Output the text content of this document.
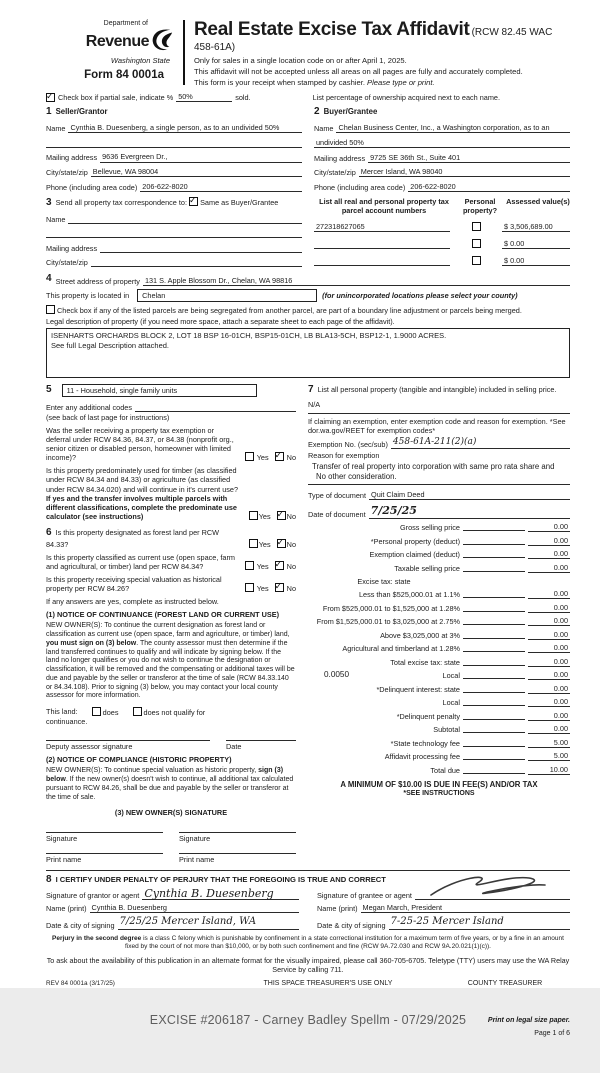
Department of
Revenue
Washington State
Form 84 0001a
Real Estate Excise Tax Affidavit (RCW 82.45 WAC 458-61A)
Only for sales in a single location code on or after April 1, 2025.
This affidavit will not be accepted unless all areas on all pages are fully and accurately completed.
This form is your receipt when stamped by cashier. Please type or print.
✓
Check box if partial sale, indicate % 50%	sold.	List percentage of ownership acquired next to each name.
1 Seller/Grantor
Name Cynthia B. Duesenberg, a single person, as to an undivided 50%
Mailing address 9636 Evergreen Dr.,
City/state/zip Bellevue, WA 98004
Phone (including area code) 206-622-8020
2 Buyer/Grantee
Name Chelan Business Center, Inc., a Washington corporation, as to an
undivided 50%
Mailing address 9725 SE 36th St., Suite 401
City/state/zip Mercer Island, WA 98040
Phone (including area code) 206-622-8020
3 Send all property tax correspondence to: ✓ Same as Buyer/Grantee
Name
Mailing address
City/state/zip
List all real and personal property tax parcel account numbers
Personal property?
Assessed value(s)
272318627065	$ 3,506,689.00
$ 0.00
$ 0.00
4 Street address of property 131 S. Apple Blossom Dr., Chelan, WA 98816
This property is located in	Chelan	(for unincorporated locations please select your county)
Check box if any of the listed parcels are being segregated from another parcel, are part of a boundary line adjustment or parcels being merged.
Legal description of property (if you need more space, attach a separate sheet to each page of the affidavit).
ISENHARTS ORCHARDS BLOCK 2, LOT 18 BSP 16-01CH, BSP15-01CH, LB BLA13-5CH, BSP12-1, 1.9000 ACRES.
See full Legal Description attached.
5	11 - Household, single family units
Enter any additional codes
(see back of last page for instructions)
Was the seller receiving a property tax exemption or deferral under RCW 84.36, 84.37, or 84.38 (nonprofit org., senior citizen or disabled person, homeowner with limited income)?	Yes ✓ No
Is this property predominately used for timber (as classified under RCW 84.34 and 84.33) or agriculture (as classified under RCW 84.34.020) and will continue in it's current use? If yes and the transfer involves multiple parcels with different classifications, complete the predominate use calculator (see instructions)	Yes ✓ No
6 Is this property designated as forest land per RCW 84.33?	Yes ✓ No
Is this property classified as current use (open space, farm and agricultural, or timber) land per RCW 84.34?	Yes ✓ No
Is this property receiving special valuation as historical property per RCW 84.26?	Yes ✓ No
If any answers are yes, complete as instructed below.
(1) NOTICE OF CONTINUANCE (FOREST LAND OR CURRENT USE)
NEW OWNER(S): To continue the current designation as forest land or classification as current use (open space, farm and agriculture, or timber) land, you must sign on (3) below. The county assessor must then determine if the land transferred continues to qualify and will indicate by signing below. If the land no longer qualifies or you do not wish to continue the designation or classification, it will be removed and the compensating or additional taxes will be due and payable by the seller or transferor at the time of sale (RCW 84.33.140 or 84.34.108). Prior to signing (3) below, you may contact your local county assessor for more information.
This land:	does	does not qualify for
continuance.
Deputy assessor signature	Date
(2) NOTICE OF COMPLIANCE (HISTORIC PROPERTY)
NEW OWNER(S): To continue special valuation as historic property, sign (3) below. If the new owner(s) doesn't wish to continue, all additional tax calculated pursuant to RCW 84.26, shall be due and payable by the seller or transferor at the time of sale.
(3) NEW OWNER(S) SIGNATURE
Signature	Signature
Print name	Print name
7 List all personal property (tangible and intangible) included in selling price.
N/A
If claiming an exemption, enter exemption code and reason for exemption. *See dor.wa.gov/REET for exemption codes*
Exemption No. (sec/sub) 458-61A-211(2)(a)
Reason for exemption
Transfer of real property into corporation with same pro rata share and
No other consideration.
Type of document Quit Claim Deed
Date of document 7/25/25
Gross selling price	0.00
*Personal property (deduct)	0.00
Exemption claimed (deduct)	0.00
Taxable selling price	0.00
Excise tax: state
Less than $525,000.01 at 1.1%	0.00
From $525,000.01 to $1,525,000 at 1.28%	0.00
From $1,525,000.01 to $3,025,000 at 2.75%	0.00
Above $3,025,000 at 3%	0.00
Agricultural and timberland at 1.28%	0.00
Total excise tax: state	0.00
0.0050	Local	0.00
*Delinquent interest: state	0.00
Local	0.00
*Delinquent penalty	0.00
Subtotal	0.00
*State technology fee	5.00
Affidavit processing fee	5.00
Total due	10.00
A MINIMUM OF $10.00 IS DUE IN FEE(S) AND/OR TAX
*SEE INSTRUCTIONS
8 I CERTIFY UNDER PENALTY OF PERJURY THAT THE FOREGOING IS TRUE AND CORRECT
Signature of grantor or agent Cynthia B. Duesenberg
Name (print) Cynthia B. Duesenberg
Date & city of signing 7/25/25 Mercer Island, WA
Signature of grantee or agent
Name (print) Megan March, President
Date & city of signing 7-25-25 Mercer Island
Perjury in the second degree is a class C felony which is punishable by confinement in a state correctional institution for a maximum term of five years, or by a fine in an amount fixed by the court of not more than $10,000, or by both such confinement and fine (RCW 9A.72.030 and RCW 9A.20.021(1)(c)).
To ask about the availability of this publication in an alternate format for the visually impaired, please call 360-705-6705. Teletype (TTY) users may use the WA Relay Service by calling 711.
REV 84 0001a (3/17/25)	THIS SPACE TREASURER'S USE ONLY	COUNTY TREASURER
EXCISE #206187 - Carney Badley Spellm - 07/29/2025	Print on legal size paper.
Page 1 of 6
